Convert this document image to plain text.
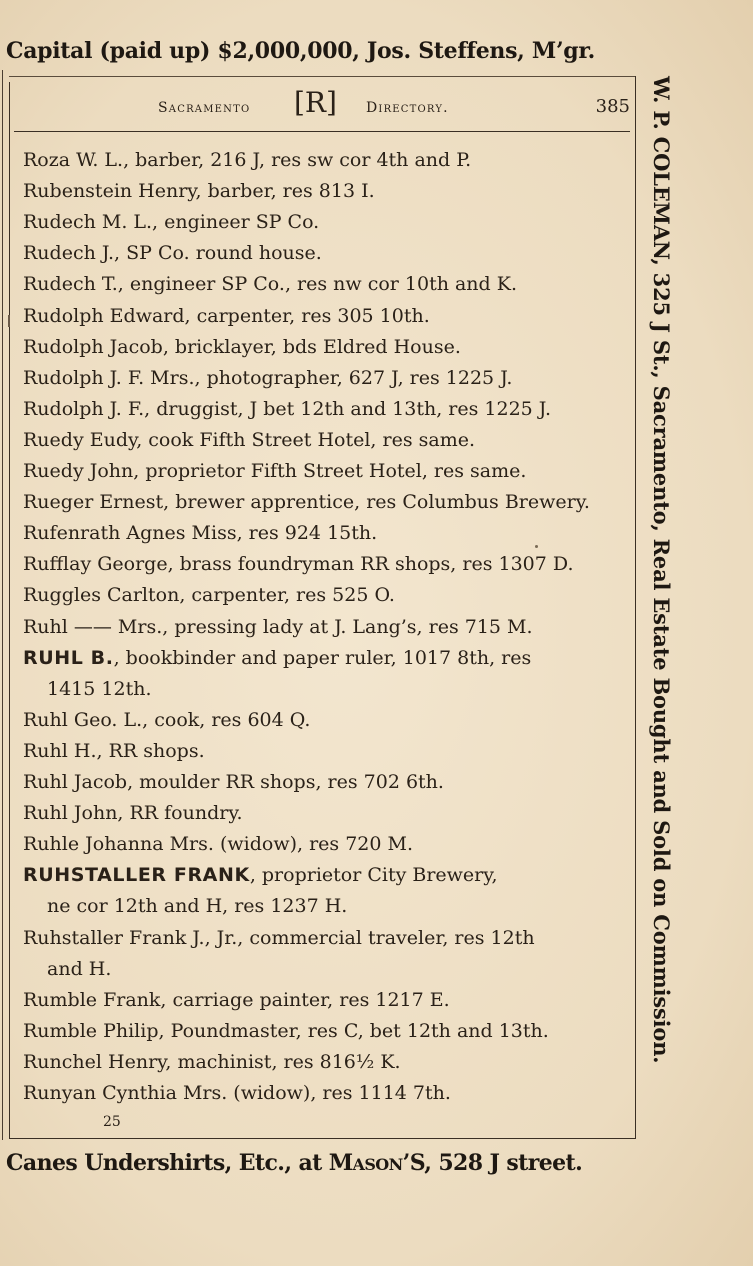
Capital (paid up) $2,000,000, Jos. Steffens, M’gr.
Sacramento [R] Directory.	385
Roza W. L., barber, 216 J, res sw cor 4th and P.
Rubenstein Henry, barber, res 813 I.
Rudech M. L., engineer SP Co.
Rudech J., SP Co. round house.
Rudech T., engineer SP Co., res nw cor 10th and K.
Rudolph Edward, carpenter, res 305 10th.
Rudolph Jacob, bricklayer, bds Eldred House.
Rudolph J. F. Mrs., photographer, 627 J, res 1225 J.
Rudolph J. F., druggist, J bet 12th and 13th, res 1225 J.
Ruedy Eudy, cook Fifth Street Hotel, res same.
Ruedy John, proprietor Fifth Street Hotel, res same.
Rueger Ernest, brewer apprentice, res Columbus Brewery.
Rufenrath Agnes Miss, res 924 15th.
Rufflay George, brass foundryman RR shops, res 1307 D.
Ruggles Carlton, carpenter, res 525 O.
Ruhl —— Mrs., pressing lady at J. Lang’s, res 715 M.
RUHL B., bookbinder and paper ruler, 1017 8th, res
1415 12th.
Ruhl Geo. L., cook, res 604 Q.
Ruhl H., RR shops.
Ruhl Jacob, moulder RR shops, res 702 6th.
Ruhl John, RR foundry.
Ruhle Johanna Mrs. (widow), res 720 M.
RUHSTALLER FRANK, proprietor City Brewery,
ne cor 12th and H, res 1237 H.
Ruhstaller Frank J., Jr., commercial traveler, res 12th
and H.
Rumble Frank, carriage painter, res 1217 E.
Rumble Philip, Poundmaster, res C, bet 12th and 13th.
Runchel Henry, machinist, res 816½ K.
Runyan Cynthia Mrs. (widow), res 1114 7th.
25
W. P. COLEMAN, 325 J St., Sacramento, Real Estate Bought and Sold on Commission.
Canes Undershirts, Etc., at MASON’S, 528 J street.
